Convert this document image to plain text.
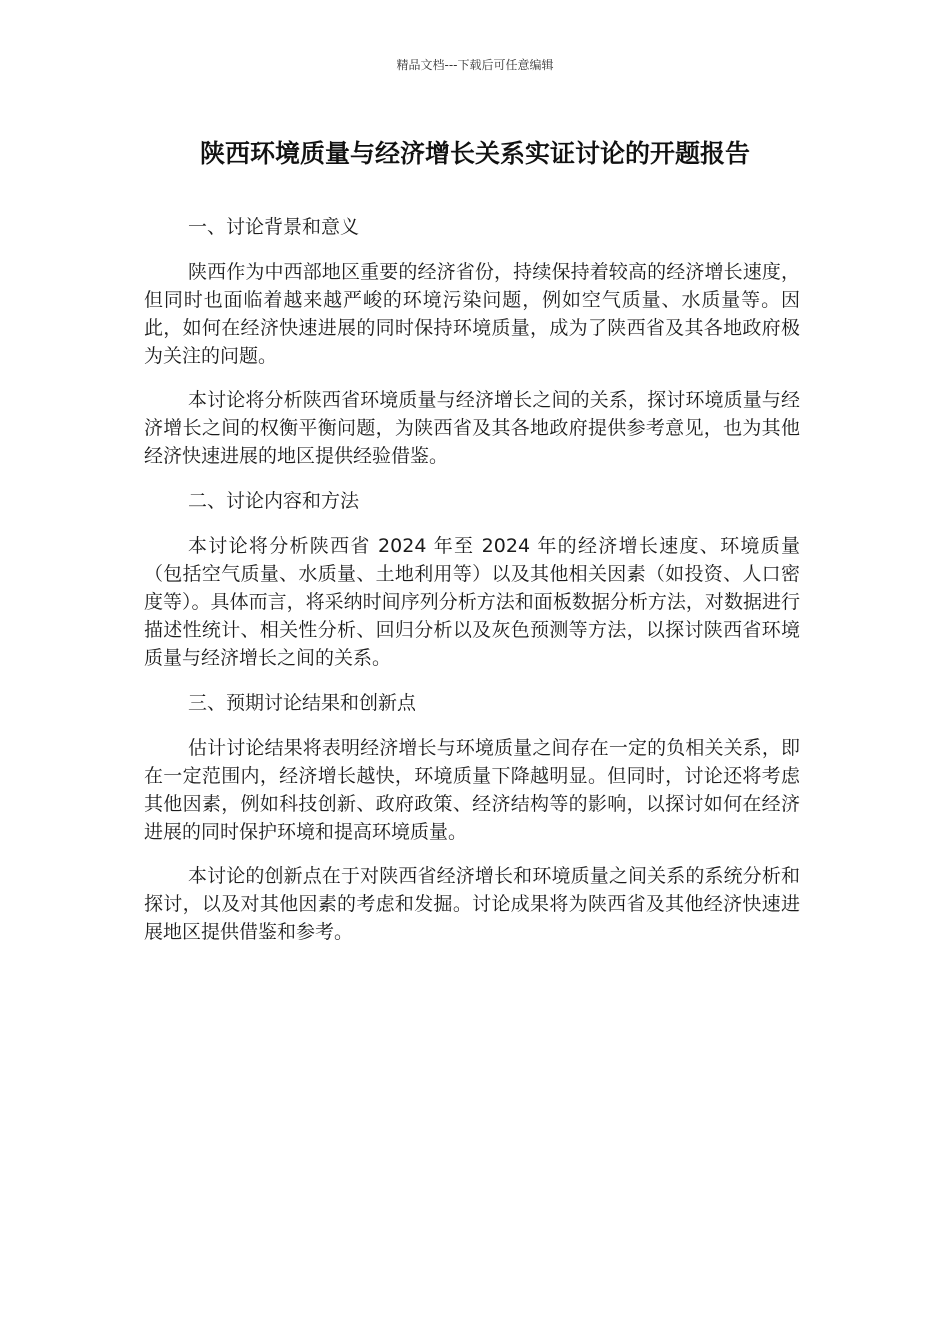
精品文档---下载后可任意编辑
陕西环境质量与经济增长关系实证讨论的开题报告
一、讨论背景和意义

陕西作为中西部地区重要的经济省份，持续保持着较高的经济增长速度，但同时也面临着越来越严峻的环境污染问题，例如空气质量、水质量等。因此，如何在经济快速进展的同时保持环境质量，成为了陕西省及其各地政府极为关注的问题。

本讨论将分析陕西省环境质量与经济增长之间的关系，探讨环境质量与经济增长之间的权衡平衡问题，为陕西省及其各地政府提供参考意见，也为其他经济快速进展的地区提供经验借鉴。

二、讨论内容和方法

本讨论将分析陕西省 2024 年至 2024 年的经济增长速度、环境质量（包括空气质量、水质量、土地利用等）以及其他相关因素（如投资、人口密度等）。具体而言，将采纳时间序列分析方法和面板数据分析方法，对数据进行描述性统计、相关性分析、回归分析以及灰色预测等方法，以探讨陕西省环境质量与经济增长之间的关系。

三、预期讨论结果和创新点

估计讨论结果将表明经济增长与环境质量之间存在一定的负相关关系，即在一定范围内，经济增长越快，环境质量下降越明显。但同时，讨论还将考虑其他因素，例如科技创新、政府政策、经济结构等的影响，以探讨如何在经济进展的同时保护环境和提高环境质量。

本讨论的创新点在于对陕西省经济增长和环境质量之间关系的系统分析和探讨，以及对其他因素的考虑和发掘。讨论成果将为陕西省及其他经济快速进展地区提供借鉴和参考。
